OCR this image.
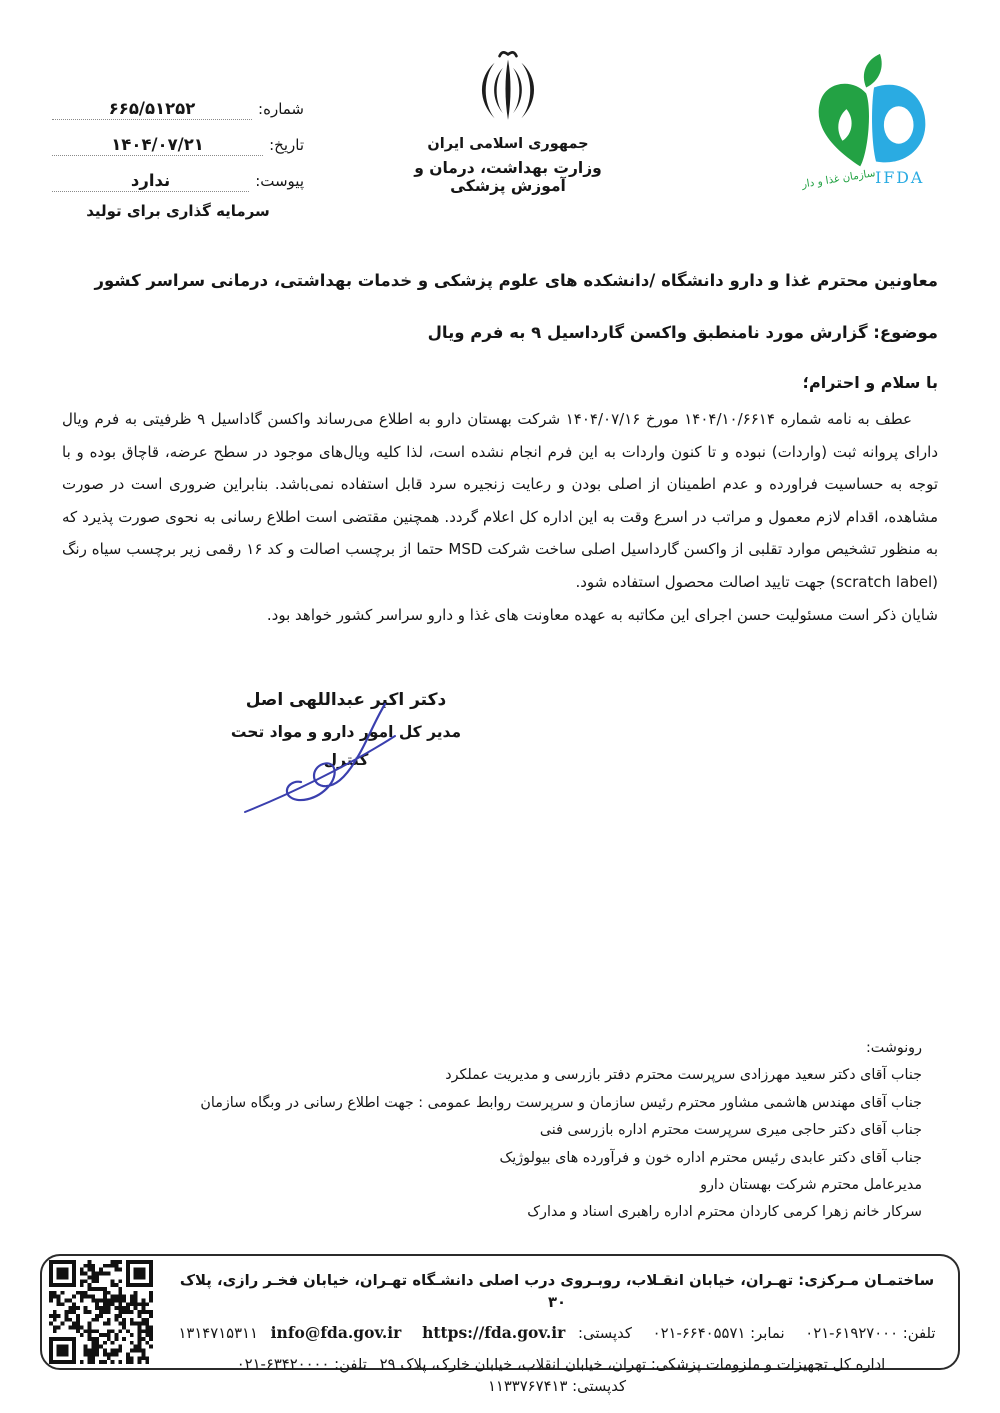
شماره:
۶۶۵/۵۱۲۵۲
تاریخ:
۱۴۰۴/۰۷/۲۱
پیوست:
ندارد
سرمایه گذاری برای تولید
جمهوری اسلامی ایران
وزارت بهداشت، درمان و آموزش پزشکی	IFDA
سازمان غذا و دارو
معاونین محترم غذا و دارو دانشگاه /دانشکده های علوم پزشکی و خدمات بهداشتی، درمانی سراسر کشور
موضوع: گزارش مورد نامنطبق واکسن گارداسیل ۹ به فرم ویال
با سلام و احترام؛

عطف به نامه شماره ۱۴۰۴/۱۰/۶۶۱۴ مورخ ۱۴۰۴/۰۷/۱۶ شرکت بهستان دارو به اطلاع می‌رساند واکسن گاداسیل ۹ ظرفیتی به فرم ویال دارای پروانه ثبت (واردات) نبوده و تا کنون واردات به این فرم انجام نشده است، لذا کلیه ویال‌های موجود در سطح عرضه، قاچاق بوده و با توجه به حساسیت فراورده و عدم اطمینان از اصلی بودن و رعایت زنجیره سرد قابل استفاده نمی‌باشد. بنابراین ضروری است در صورت مشاهده، اقدام لازم معمول و مراتب در اسرع وقت به این اداره کل اعلام گردد. همچنین مقتضی است اطلاع رسانی به نحوی صورت پذیرد که به منظور تشخیص موارد تقلبی از واکسن گارداسیل اصلی ساخت شرکت MSD حتما از برچسب اصالت و کد ۱۶ رقمی زیر برچسب سیاه رنگ (scratch label) جهت تایید اصالت محصول استفاده شود.

شایان ذکر است مسئولیت حسن اجرای این مکاتبه به عهده معاونت های غذا و دارو سراسر کشور خواهد بود.

دکتر اکبر عبداللهی اصل
مدیر کل امور دارو و مواد تحت کنترل
رونوشت:
جناب آقای دکتر سعید مهرزادی سرپرست محترم دفتر بازرسی و مدیریت عملکرد
جناب آقای مهندس هاشمی مشاور محترم رئیس سازمان و سرپرست روابط عمومی : جهت اطلاع رسانی در وبگاه سازمان
جناب آقای دکتر حاجی میری سرپرست محترم اداره بازرسی فنی
جناب آقای دکتر عابدی رئیس محترم اداره خون و فرآورده های بیولوژیک
مدیرعامل محترم شرکت بهستان دارو
سرکار خانم زهرا کرمی کاردان محترم اداره راهبری اسناد و مدارک
ساختمـان مـرکزی: تهـران، خیابان انقـلاب، روبـروی درب اصلی دانشـگاه تهـران، خیابان فخـر رازی، پلاک ۳۰
تلفن: ۰۲۱-۶۱۹۲۷۰۰۰ نمابر: ۰۲۱-۶۶۴۰۵۵۷۱ کدپستی: ۱۳۱۴۷۱۵۳۱۱ info@fda.gov.ir https://fda.gov.ir
اداره کل تجهیزات و ملزومات پزشکی: تهران، خیابان انقلاب، خیابان خارک، پلاک ۲۹ تلفن: ۰۲۱-۶۳۴۲۰۰۰۰ کدپستی: ۱۱۳۳۷۶۷۴۱۳
